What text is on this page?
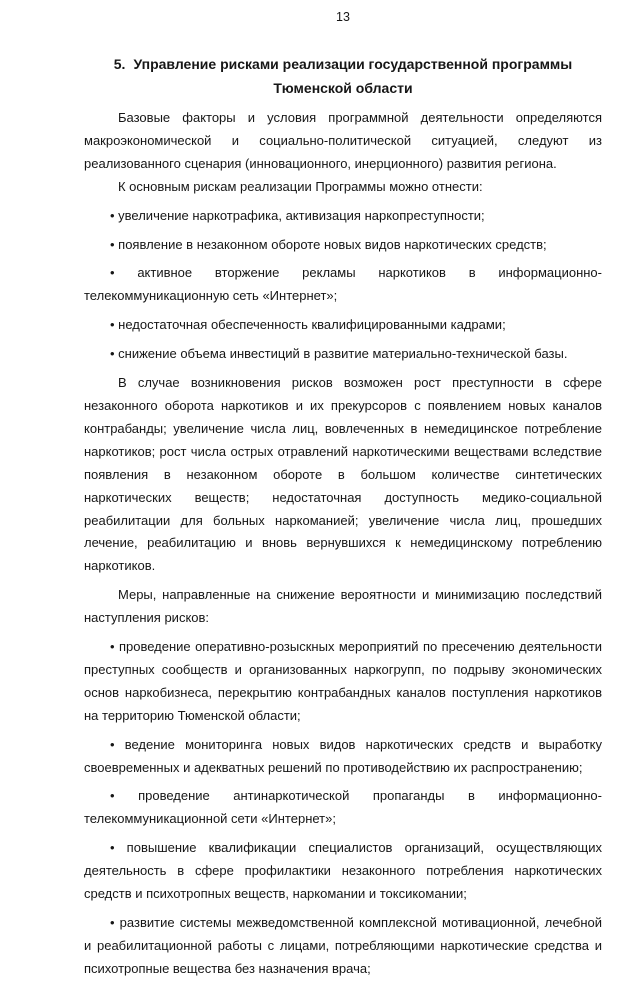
13
5. Управление рисками реализации государственной программы Тюменской области

Базовые факторы и условия программной деятельности определяются макроэкономической и социально-политической ситуацией, следуют из реализованного сценария (инновационного, инерционного) развития региона.

К основным рискам реализации Программы можно отнести:

• увеличение наркотрафика, активизация наркопреступности;

• появление в незаконном обороте новых видов наркотических средств;

• активное вторжение рекламы наркотиков в информационно-телекоммуникационную сеть «Интернет»;

• недостаточная обеспеченность квалифицированными кадрами;

• снижение объема инвестиций в развитие материально-технической базы.

В случае возникновения рисков возможен рост преступности в сфере незаконного оборота наркотиков и их прекурсоров с появлением новых каналов контрабанды; увеличение числа лиц, вовлеченных в немедицинское потребление наркотиков; рост числа острых отравлений наркотическими веществами вследствие появления в незаконном обороте в большом количестве синтетических наркотических веществ; недостаточная доступность медико-социальной реабилитации для больных наркоманией; увеличение числа лиц, прошедших лечение, реабилитацию и вновь вернувшихся к немедицинскому потреблению наркотиков.

Меры, направленные на снижение вероятности и минимизацию последствий наступления рисков:

• проведение оперативно-розыскных мероприятий по пресечению деятельности преступных сообществ и организованных наркогрупп, по подрыву экономических основ наркобизнеса, перекрытию контрабандных каналов поступления наркотиков на территорию Тюменской области;

• ведение мониторинга новых видов наркотических средств и выработку своевременных и адекватных решений по противодействию их распространению;

• проведение антинаркотической пропаганды в информационно-телекоммуникационной сети «Интернет»;

• повышение квалификации специалистов организаций, осуществляющих деятельность в сфере профилактики незаконного потребления наркотических средств и психотропных веществ, наркомании и токсикомании;

• развитие системы межведомственной комплексной мотивационной, лечебной и реабилитационной работы с лицами, потребляющими наркотические средства и психотропные вещества без назначения врача;
